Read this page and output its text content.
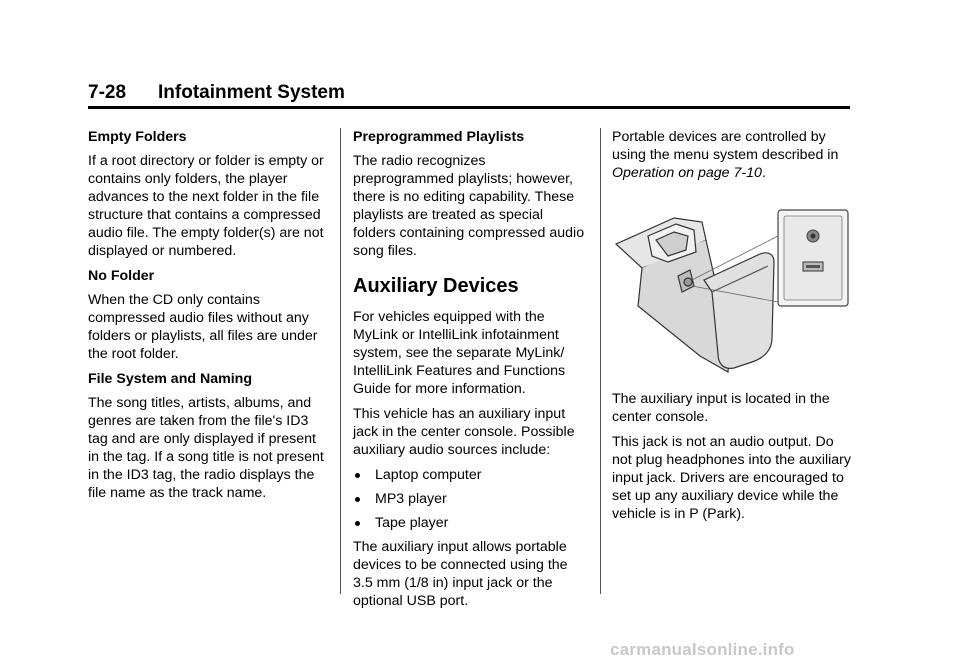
7-28 Infotainment System
Empty Folders

If a root directory or folder is empty or contains only folders, the player advances to the next folder in the file structure that contains a compressed audio file. The empty folder(s) are not displayed or numbered.

No Folder

When the CD only contains compressed audio files without any folders or playlists, all files are under the root folder.

File System and Naming

The song titles, artists, albums, and genres are taken from the file's ID3 tag and are only displayed if present in the tag. If a song title is not present in the ID3 tag, the radio displays the file name as the track name.

Preprogrammed Playlists

The radio recognizes preprogrammed playlists; however, there is no editing capability. These playlists are treated as special folders containing compressed audio song files.

Auxiliary Devices

For vehicles equipped with the MyLink or IntelliLink infotainment system, see the separate MyLink/ IntelliLink Features and Functions Guide for more information.

This vehicle has an auxiliary input jack in the center console. Possible auxiliary audio sources include:

Laptop computer
MP3 player
Tape player

The auxiliary input allows portable devices to be connected using the 3.5 mm (1/8 in) input jack or the optional USB port.

Portable devices are controlled by using the menu system described in Operation on page 7-10.

The auxiliary input is located in the center console.

This jack is not an audio output. Do not plug headphones into the auxiliary input jack. Drivers are encouraged to set up any auxiliary device while the vehicle is in P (Park).

carmanualsonline.info
